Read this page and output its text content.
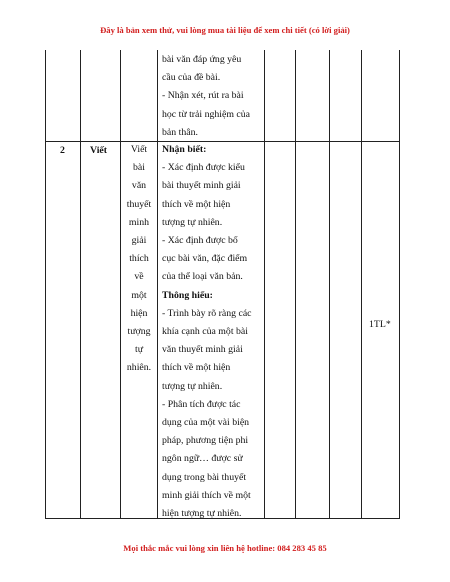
Đây là bản xem thử, vui lòng mua tài liệu để xem chi tiết (có lời giải)
bài văn đáp ứng yêu
cầu của đề bài.
- Nhận xét, rút ra bài
học từ trải nghiệm của
bản thân.
2	Viết	Viết
bài
văn
thuyết
minh
giải
thích
về
một
hiện
tượng
tự
nhiên.
Nhận biết:
- Xác định được kiểu
bài thuyết minh giải
thích về một hiện
tượng tự nhiên.
- Xác định được bố
cục bài văn, đặc điểm
của thể loại văn bản.
Thông hiểu:
- Trình bày rõ ràng các
khía cạnh của một bài
văn thuyết minh giải
thích về một hiện
tượng tự nhiên.
- Phân tích được tác
dụng của một vài biện
pháp, phương tiện phi
ngôn ngữ… được sử
dụng trong bài thuyết
minh giải thích về một
hiện tượng tự nhiên.
1TL*
Mọi thắc mắc vui lòng xin liên hệ hotline: 084 283 45 85
